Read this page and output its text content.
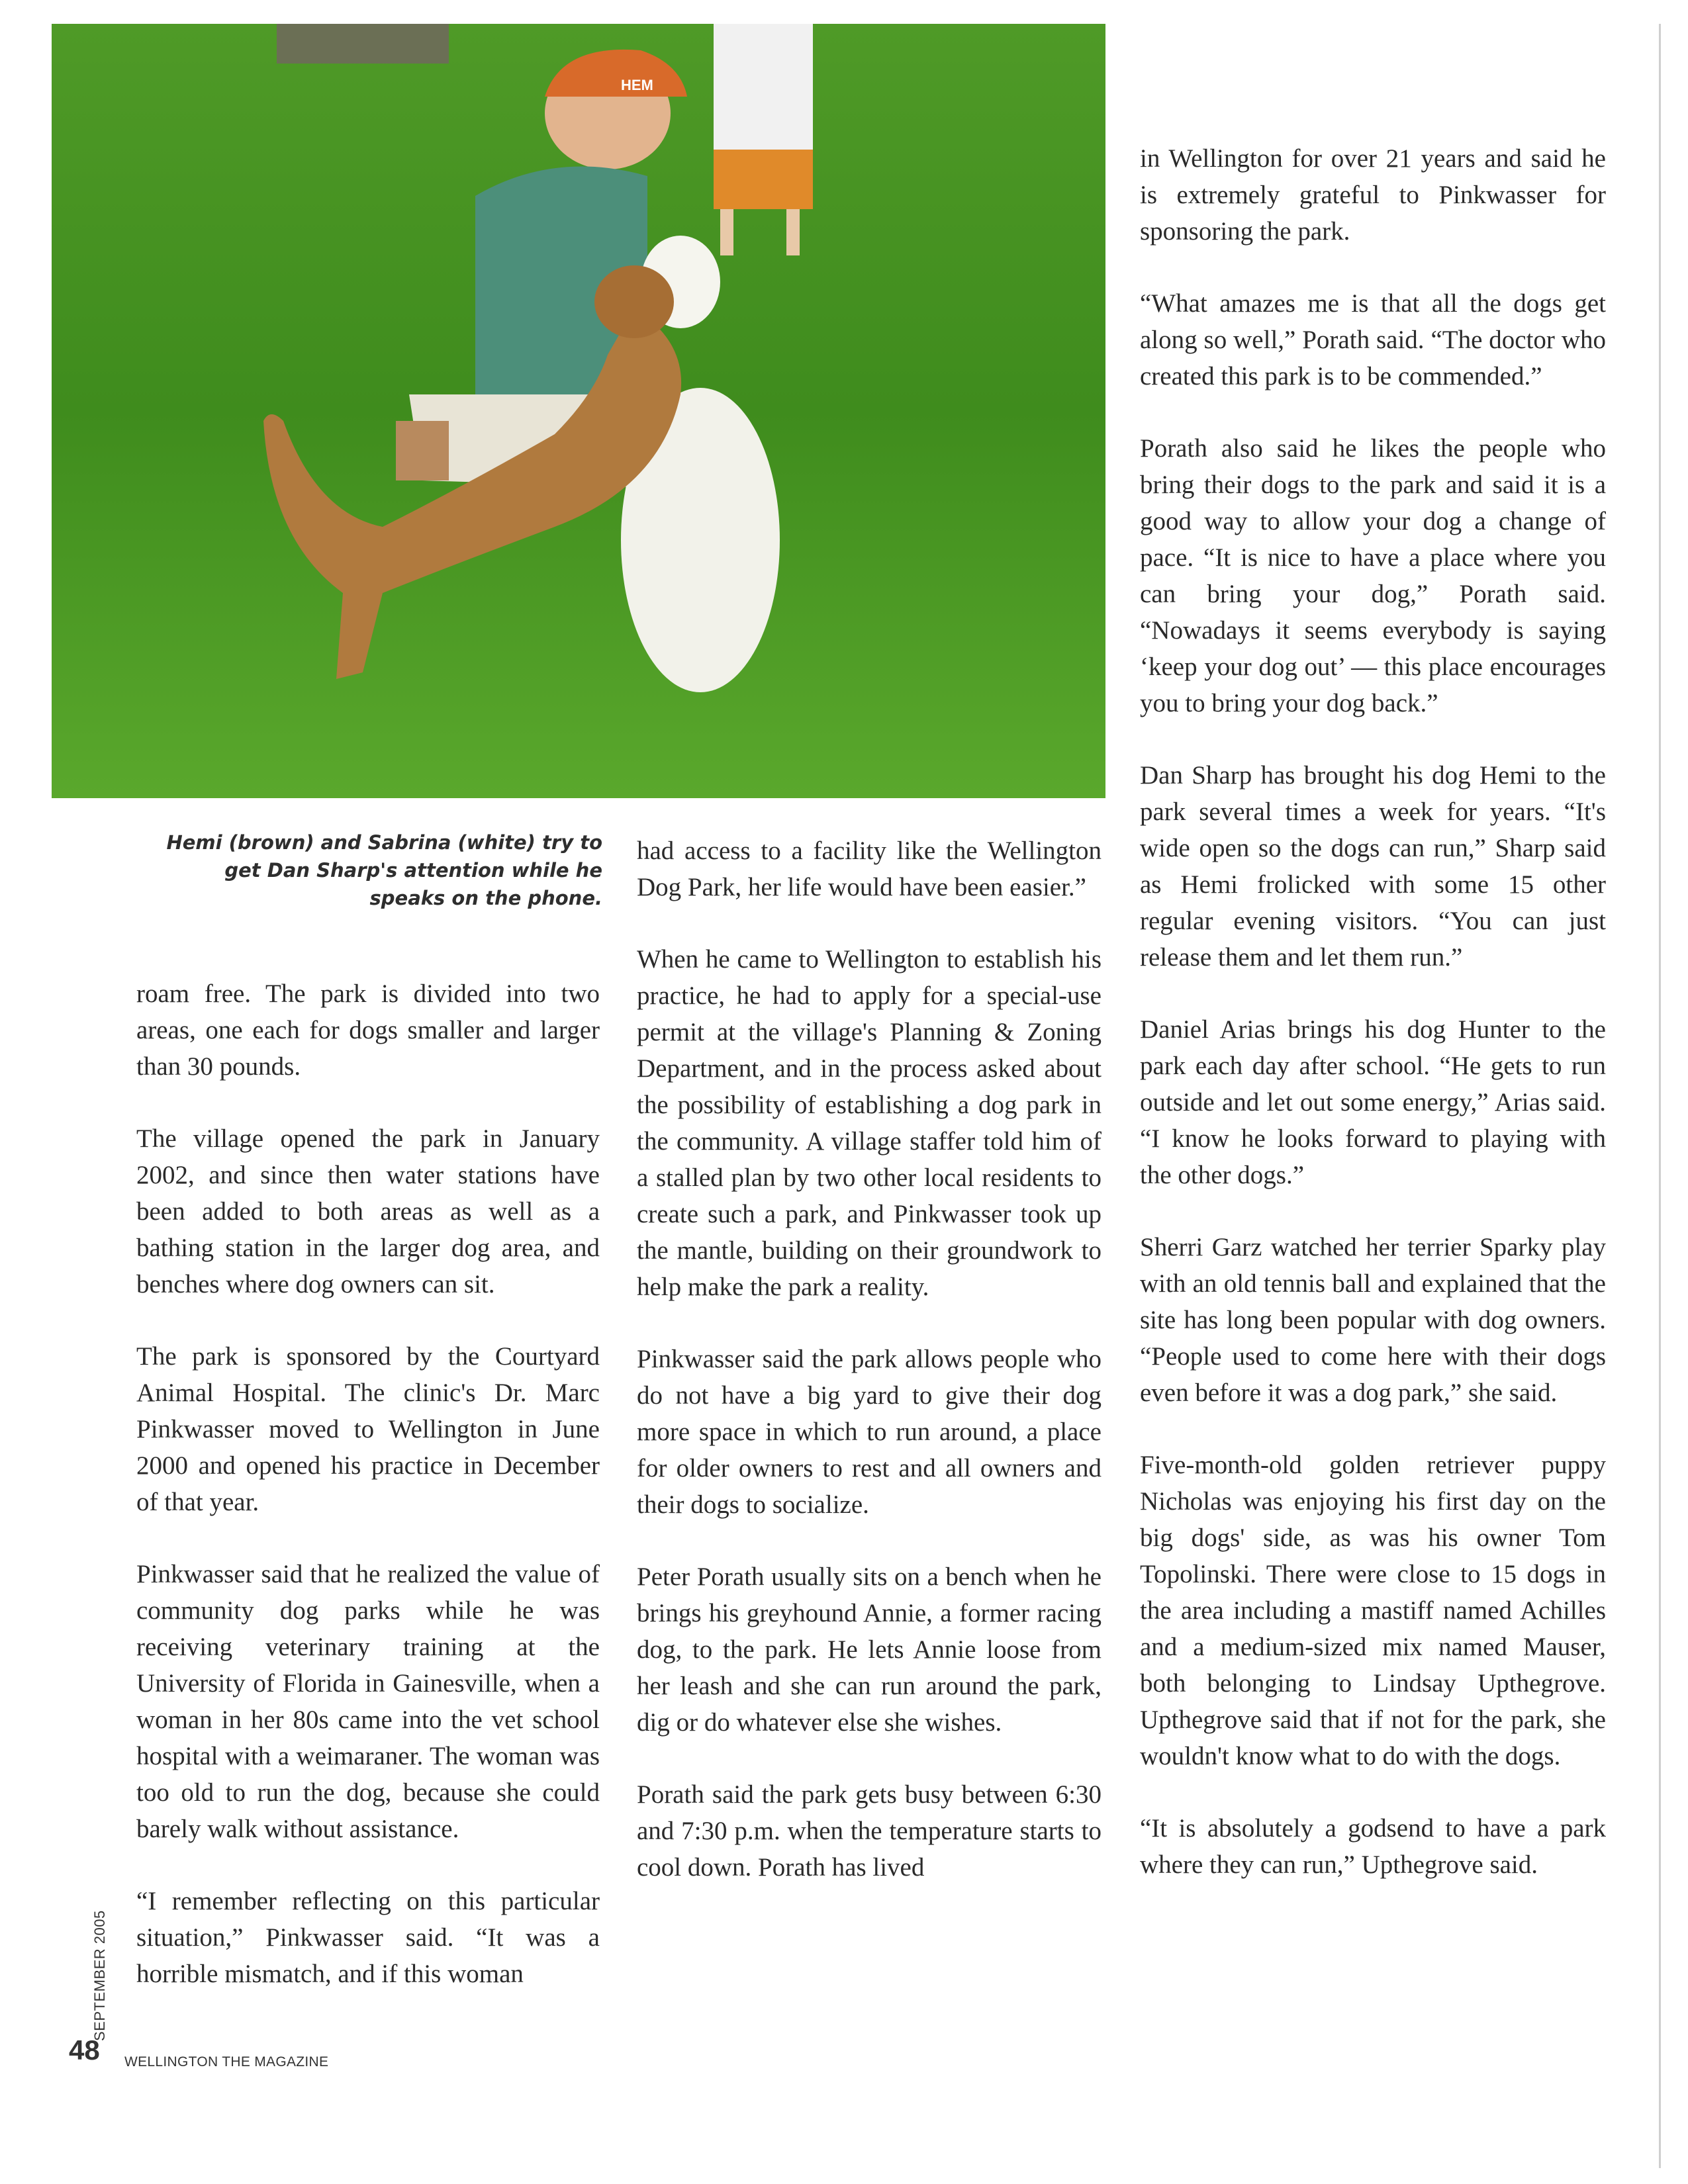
HEM
Hemi (brown) and Sabrina (white) try to get Dan Sharp's attention while he speaks on the phone.

roam free. The park is divided into two areas, one each for dogs smaller and larger than 30 pounds.

The village opened the park in January 2002, and since then water stations have been added to both areas as well as a bathing station in the larger dog area, and benches where dog owners can sit.

The park is sponsored by the Courtyard Animal Hospital. The clinic's Dr. Marc Pinkwasser moved to Wellington in June 2000 and opened his practice in December of that year.

Pinkwasser said that he realized the value of community dog parks while he was receiving veterinary training at the University of Florida in Gainesville, when a woman in her 80s came into the vet school hospital with a weimaraner. The woman was too old to run the dog, because she could barely walk without assistance.

“I remember reflecting on this particular situation,” Pinkwasser said. “It was a horrible mismatch, and if this woman

had access to a facility like the Wellington Dog Park, her life would have been easier.”

When he came to Wellington to establish his practice, he had to apply for a special-use permit at the village's Planning & Zoning Department, and in the process asked about the possibility of establishing a dog park in the community. A village staffer told him of a stalled plan by two other local residents to create such a park, and Pinkwasser took up the mantle, building on their groundwork to help make the park a reality.

Pinkwasser said the park allows people who do not have a big yard to give their dog more space in which to run around, a place for older owners to rest and all owners and their dogs to socialize.

Peter Porath usually sits on a bench when he brings his greyhound Annie, a former racing dog, to the park. He lets Annie loose from her leash and she can run around the park, dig or do whatever else she wishes.

Porath said the park gets busy between 6:30 and 7:30 p.m. when the temperature starts to cool down. Porath has lived

in Wellington for over 21 years and said he is extremely grateful to Pinkwasser for sponsoring the park.

“What amazes me is that all the dogs get along so well,” Porath said. “The doctor who created this park is to be commended.”

Porath also said he likes the people who bring their dogs to the park and said it is a good way to allow your dog a change of pace. “It is nice to have a place where you can bring your dog,” Porath said. “Nowadays it seems everybody is saying ‘keep your dog out’ — this place encourages you to bring your dog back.”

Dan Sharp has brought his dog Hemi to the park several times a week for years. “It's wide open so the dogs can run,” Sharp said as Hemi frolicked with some 15 other regular evening visitors. “You can just release them and let them run.”

Daniel Arias brings his dog Hunter to the park each day after school. “He gets to run outside and let out some energy,” Arias said. “I know he looks forward to playing with the other dogs.”

Sherri Garz watched her terrier Sparky play with an old tennis ball and explained that the site has long been popular with dog owners. “People used to come here with their dogs even before it was a dog park,” she said.

Five-month-old golden retriever puppy Nicholas was enjoying his first day on the big dogs' side, as was his owner Tom Topolinski. There were close to 15 dogs in the area including a mastiff named Achilles and a medium-sized mix named Mauser, both belonging to Lindsay Upthegrove. Upthegrove said that if not for the park, she wouldn't know what to do with the dogs.

“It is absolutely a godsend to have a park where they can run,” Upthegrove said.

SEPTEMBER 2005
48 WELLINGTON THE MAGAZINE
